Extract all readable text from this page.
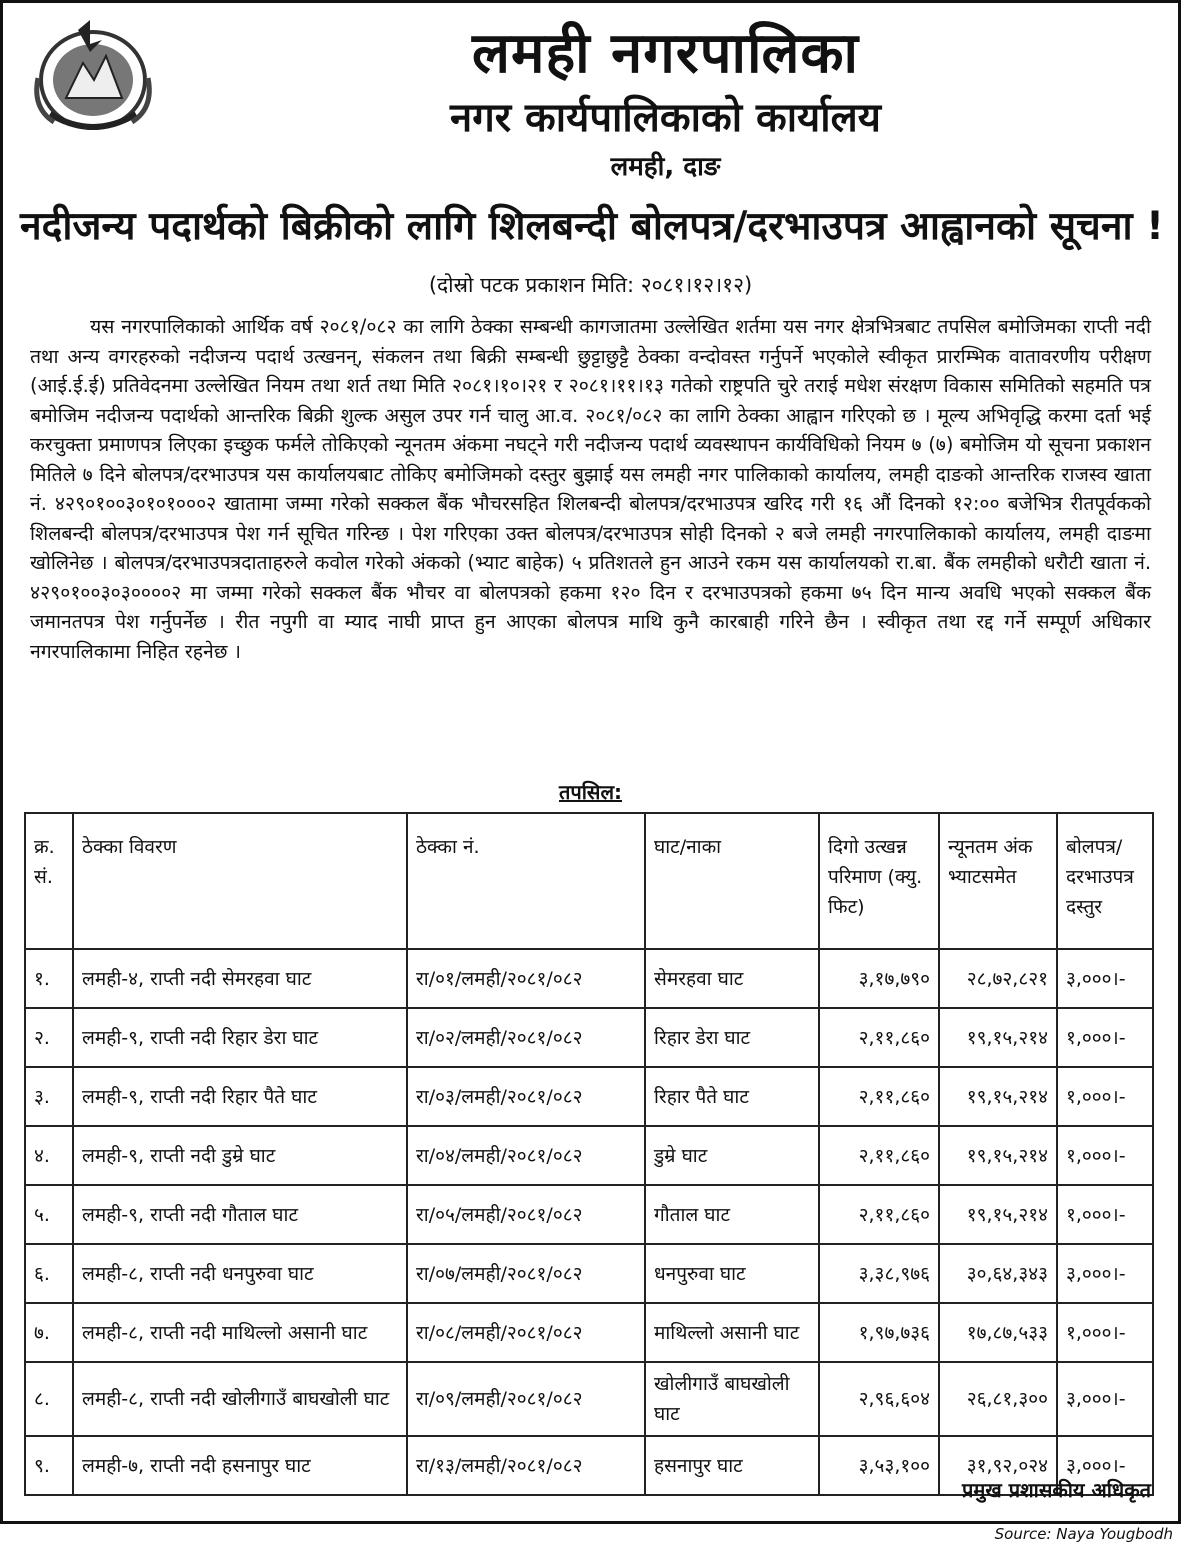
लमही नगरपालिका
नगर कार्यपालिकाको कार्यालय
लमही, दाङ
नदीजन्य पदार्थको बिक्रीको लागि शिलबन्दी बोलपत्र/दरभाउपत्र आह्वानको सूचना !
(दोस्रो पटक प्रकाशन मिति: २०८१।१२।१२)
यस नगरपालिकाको आर्थिक वर्ष २०८१/०८२ का लागि ठेक्का सम्बन्धी कागजातमा उल्लेखित शर्तमा यस नगर क्षेत्रभित्रबाट तपसिल बमोजिमका राप्ती नदी तथा अन्य वगरहरुको नदीजन्य पदार्थ उत्खनन्, संकलन तथा बिक्री सम्बन्धी छुट्टाछुट्टै ठेक्का वन्दोवस्त गर्नुपर्ने भएकोले स्वीकृत प्रारम्भिक वातावरणीय परीक्षण (आई.ई.ई) प्रतिवेदनमा उल्लेखित नियम तथा शर्त तथा मिति २०८१।१०।२१ र २०८१।११।१३ गतेको राष्ट्रपति चुरे तराई मधेश संरक्षण विकास समितिको सहमति पत्र बमोजिम नदीजन्य पदार्थको आन्तरिक बिक्री शुल्क असुल उपर गर्न चालु आ.व. २०८१/०८२ का लागि ठेक्का आह्वान गरिएको छ । मूल्य अभिवृद्धि करमा दर्ता भई करचुक्ता प्रमाणपत्र लिएका इच्छुक फर्मले तोकिएको न्यूनतम अंकमा नघट्ने गरी नदीजन्य पदार्थ व्यवस्थापन कार्यविधिको नियम ७ (७) बमोजिम यो सूचना प्रकाशन मितिले ७ दिने बोलपत्र/दरभाउपत्र यस कार्यालयबाट तोकिए बमोजिमको दस्तुर बुझाई यस लमही नगर पालिकाको कार्यालय, लमही दाङको आन्तरिक राजस्व खाता नं. ४२९०१००३०१०१०००२ खातामा जम्मा गरेको सक्कल बैंक भौचरसहित शिलबन्दी बोलपत्र/दरभाउपत्र खरिद गरी १६ औं दिनको १२:०० बजेभित्र रीतपूर्वकको शिलबन्दी बोलपत्र/दरभाउपत्र पेश गर्न सूचित गरिन्छ । पेश गरिएका उक्त बोलपत्र/दरभाउपत्र सोही दिनको २ बजे लमही नगरपालिकाको कार्यालय, लमही दाङमा खोलिनेछ । बोलपत्र/दरभाउपत्रदाताहरुले कवोल गरेको अंकको (भ्याट बाहेक) ५ प्रतिशतले हुन आउने रकम यस कार्यालयको रा.बा. बैंक लमहीको धरौटी खाता नं. ४२९०१००३०३००००२ मा जम्मा गरेको सक्कल बैंक भौचर वा बोलपत्रको हकमा १२० दिन र दरभाउपत्रको हकमा ७५ दिन मान्य अवधि भएको सक्कल बैंक जमानतपत्र पेश गर्नुपर्नेछ । रीत नपुगी वा म्याद नाघी प्राप्त हुन आएका बोलपत्र माथि कुनै कारबाही गरिने छैन । स्वीकृत तथा रद्द गर्ने सम्पूर्ण अधिकार नगरपालिकामा निहित रहनेछ ।
तपसिल:
क्र. सं.	ठेक्का विवरण	ठेक्का नं.	घाट/नाका	दिगो उत्खन्न परिमाण (क्यु. फिट)	न्यूनतम अंक भ्याटसमेत	बोलपत्र/ दरभाउपत्र दस्तुर
१.	लमही-४, राप्ती नदी सेमरहवा घाट	रा/०१/लमही/२०८१/०८२	सेमरहवा घाट	३,१७,७९०	२८,७२,८२१	३,०००।-
२.	लमही-९, राप्ती नदी रिहार डेरा घाट	रा/०२/लमही/२०८१/०८२	रिहार डेरा घाट	२,११,८६०	१९,१५,२१४	१,०००।-
३.	लमही-९, राप्ती नदी रिहार पैते घाट	रा/०३/लमही/२०८१/०८२	रिहार पैते घाट	२,११,८६०	१९,१५,२१४	१,०००।-
४.	लमही-९, राप्ती नदी डुम्रे घाट	रा/०४/लमही/२०८१/०८२	डुम्रे घाट	२,११,८६०	१९,१५,२१४	१,०००।-
५.	लमही-९, राप्ती नदी गौताल घाट	रा/०५/लमही/२०८१/०८२	गौताल घाट	२,११,८६०	१९,१५,२१४	१,०००।-
६.	लमही-८, राप्ती नदी धनपुरुवा घाट	रा/०७/लमही/२०८१/०८२	धनपुरुवा घाट	३,३८,९७६	३०,६४,३४३	३,०००।-
७.	लमही-८, राप्ती नदी माथिल्लो असानी घाट	रा/०८/लमही/२०८१/०८२	माथिल्लो असानी घाट	१,९७,७३६	१७,८७,५३३	१,०००।-
८.	लमही-८, राप्ती नदी खोलीगाउँ बाघखोली घाट	रा/०९/लमही/२०८१/०८२	खोलीगाउँ बाघखोली घाट	२,९६,६०४	२६,८१,३००	३,०००।-
९.	लमही-७, राप्ती नदी हसनापुर घाट	रा/१३/लमही/२०८१/०८२	हसनापुर घाट	३,५३,१००	३१,९२,०२४	३,०००।-
प्रमुख प्रशासकीय अधिकृत
Source: Naya Yougbodh
